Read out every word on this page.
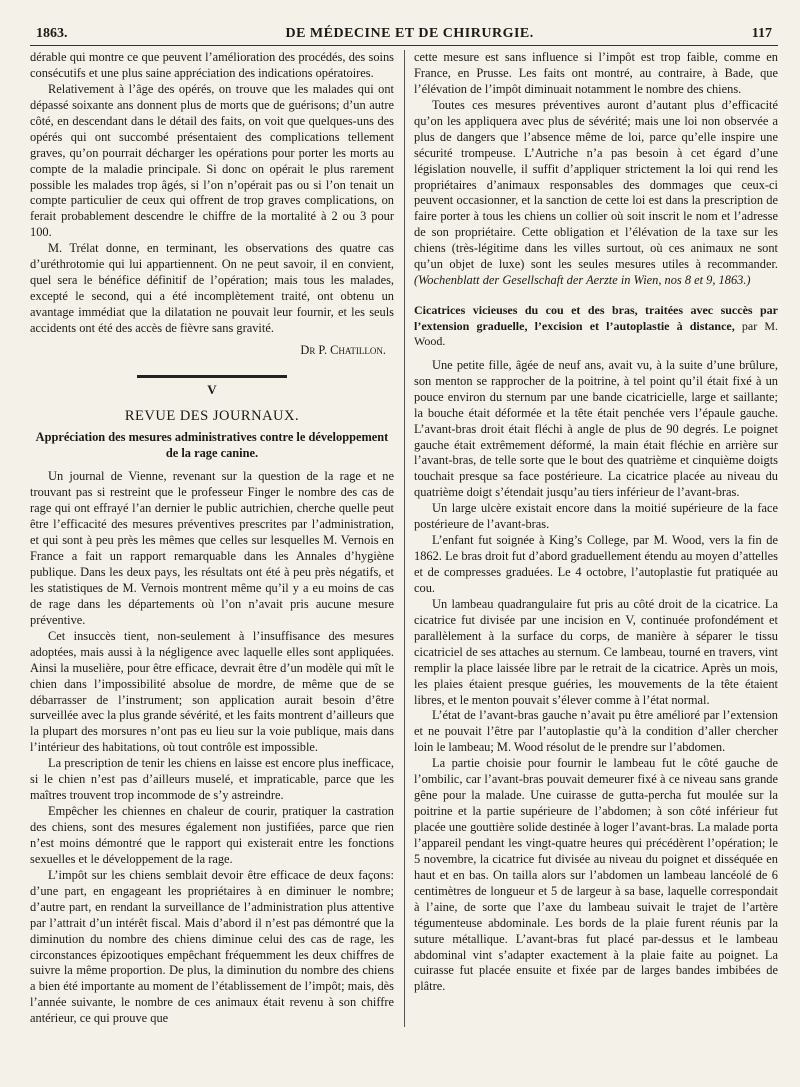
1863.	DE MÉDECINE ET DE CHIRURGIE.	117

dérable qui montre ce que peuvent l’amélioration des procédés, des soins consécutifs et une plus saine appréciation des indications opératoires.

Relativement à l’âge des opérés, on trouve que les malades qui ont dépassé soixante ans donnent plus de morts que de guérisons; d’un autre côté, en descendant dans le détail des faits, on voit que quelques-uns des opérés qui ont succombé présentaient des complications tellement graves, qu’on pourrait décharger les opérations pour porter les morts au compte de la maladie principale. Si donc on opérait le plus rarement possible les malades trop âgés, si l’on n’opérait pas ou si l’on tenait un compte particulier de ceux qui offrent de trop graves complications, on ferait probablement descendre le chiffre de la mortalité à 2 ou 3 pour 100.

M. Trélat donne, en terminant, les observations des quatre cas d’uréthrotomie qui lui appartiennent. On ne peut savoir, il en convient, quel sera le bénéfice définitif de l’opération; mais tous les malades, excepté le second, qui a été incomplètement traité, ont obtenu un avantage immédiat que la dilatation ne pouvait leur fournir, et les seuls accidents ont été des accès de fièvre sans gravité.

Dr P. Chatillon.
V
REVUE DES JOURNAUX.
Appréciation des mesures administratives contre le développement de la rage canine.

Un journal de Vienne, revenant sur la question de la rage et ne trouvant pas si restreint que le professeur Finger le nombre des cas de rage qui ont effrayé l’an dernier le public autrichien, cherche quelle peut être l’efficacité des mesures préventives prescrites par l’administration, et qui sont à peu près les mêmes que celles sur lesquelles M. Vernois en France a fait un rapport remarquable dans les Annales d’hygiène publique. Dans les deux pays, les résultats ont été à peu près négatifs, et les statistiques de M. Vernois montrent même qu’il y a eu moins de cas de rage dans les départements où l’on n’avait pris aucune mesure préventive.

Cet insuccès tient, non-seulement à l’insuffisance des mesures adoptées, mais aussi à la négligence avec laquelle elles sont appliquées. Ainsi la muselière, pour être efficace, devrait être d’un modèle qui mît le chien dans l’impossibilité absolue de mordre, de même que de se débarrasser de l’instrument; son application aurait besoin d’être surveillée avec la plus grande sévérité, et les faits montrent d’ailleurs que la plupart des morsures n’ont pas eu lieu sur la voie publique, mais dans l’intérieur des habitations, où tout contrôle est impossible.

La prescription de tenir les chiens en laisse est encore plus inefficace, si le chien n’est pas d’ailleurs muselé, et impraticable, parce que les maîtres trouvent trop incommode de s’y astreindre.

Empêcher les chiennes en chaleur de courir, pratiquer la castration des chiens, sont des mesures également non justifiées, parce que rien n’est moins démontré que le rapport qui existerait entre les fonctions sexuelles et le développement de la rage.

L’impôt sur les chiens semblait devoir être efficace de deux façons: d’une part, en engageant les propriétaires à en diminuer le nombre; d’autre part, en rendant la surveillance de l’administration plus attentive par l’attrait d’un intérêt fiscal. Mais d’abord il n’est pas démontré que la diminution du nombre des chiens diminue celui des cas de rage, les circonstances épizootiques empêchant fréquemment les deux chiffres de suivre la même proportion. De plus, la diminution du nombre des chiens a bien été importante au moment de l’établissement de l’impôt; mais, dès l’année suivante, le nombre de ces animaux était revenu à son chiffre antérieur, ce qui prouve que

cette mesure est sans influence si l’impôt est trop faible, comme en France, en Prusse. Les faits ont montré, au contraire, à Bade, que l’élévation de l’impôt diminuait notamment le nombre des chiens.

Toutes ces mesures préventives auront d’autant plus d’efficacité qu’on les appliquera avec plus de sévérité; mais une loi non observée a plus de dangers que l’absence même de loi, parce qu’elle inspire une sécurité trompeuse. L’Autriche n’a pas besoin à cet égard d’une législation nouvelle, il suffit d’appliquer strictement la loi qui rend les propriétaires d’animaux responsables des dommages que ceux-ci peuvent occasionner, et la sanction de cette loi est dans la prescription de faire porter à tous les chiens un collier où soit inscrit le nom et l’adresse de son propriétaire. Cette obligation et l’élévation de la taxe sur les chiens (très-légitime dans les villes surtout, où ces animaux ne sont qu’un objet de luxe) sont les seules mesures utiles à recommander. (Wochenblatt der Gesellschaft der Aerzte in Wien, nos 8 et 9, 1863.)

Cicatrices vicieuses du cou et des bras, traitées avec succès par l’extension graduelle, l’excision et l’autoplastie à distance, par M. Wood.

Une petite fille, âgée de neuf ans, avait vu, à la suite d’une brûlure, son menton se rapprocher de la poitrine, à tel point qu’il était fixé à un pouce environ du sternum par une bande cicatricielle, large et saillante; la bouche était déformée et la tête était penchée vers l’épaule gauche. L’avant-bras droit était fléchi à angle de plus de 90 degrés. Le poignet gauche était extrêmement déformé, la main était fléchie en arrière sur l’avant-bras, de telle sorte que le bout des quatrième et cinquième doigts touchait presque sa face postérieure. La cicatrice placée au niveau du quatrième doigt s’étendait jusqu’au tiers inférieur de l’avant-bras.

Un large ulcère existait encore dans la moitié supérieure de la face postérieure de l’avant-bras.

L’enfant fut soignée à King’s College, par M. Wood, vers la fin de 1862. Le bras droit fut d’abord graduellement étendu au moyen d’attelles et de compresses graduées. Le 4 octobre, l’autoplastie fut pratiquée au cou.

Un lambeau quadrangulaire fut pris au côté droit de la cicatrice. La cicatrice fut divisée par une incision en V, continuée profondément et parallèlement à la surface du corps, de manière à séparer le tissu cicatriciel de ses attaches au sternum. Ce lambeau, tourné en travers, vint remplir la place laissée libre par le retrait de la cicatrice. Après un mois, les plaies étaient presque guéries, les mouvements de la tête étaient libres, et le menton pouvait s’élever comme à l’état normal.

L’état de l’avant-bras gauche n’avait pu être amélioré par l’extension et ne pouvait l’être par l’autoplastie qu’à la condition d’aller chercher loin le lambeau; M. Wood résolut de le prendre sur l’abdomen.

La partie choisie pour fournir le lambeau fut le côté gauche de l’ombilic, car l’avant-bras pouvait demeurer fixé à ce niveau sans grande gêne pour la malade. Une cuirasse de gutta-percha fut moulée sur la poitrine et la partie supérieure de l’abdomen; à son côté inférieur fut placée une gouttière solide destinée à loger l’avant-bras. La malade porta l’appareil pendant les vingt-quatre heures qui précédèrent l’opération; le 5 novembre, la cicatrice fut divisée au niveau du poignet et disséquée en haut et en bas. On tailla alors sur l’abdomen un lambeau lancéolé de 6 centimètres de longueur et 5 de largeur à sa base, laquelle correspondait à l’aine, de sorte que l’axe du lambeau suivait le trajet de l’artère tégumenteuse abdominale. Les bords de la plaie furent réunis par la suture métallique. L’avant-bras fut placé par-dessus et le lambeau abdominal vint s’adapter exactement à la plaie faite au poignet. La cuirasse fut placée ensuite et fixée par de larges bandes imbibées de plâtre.
